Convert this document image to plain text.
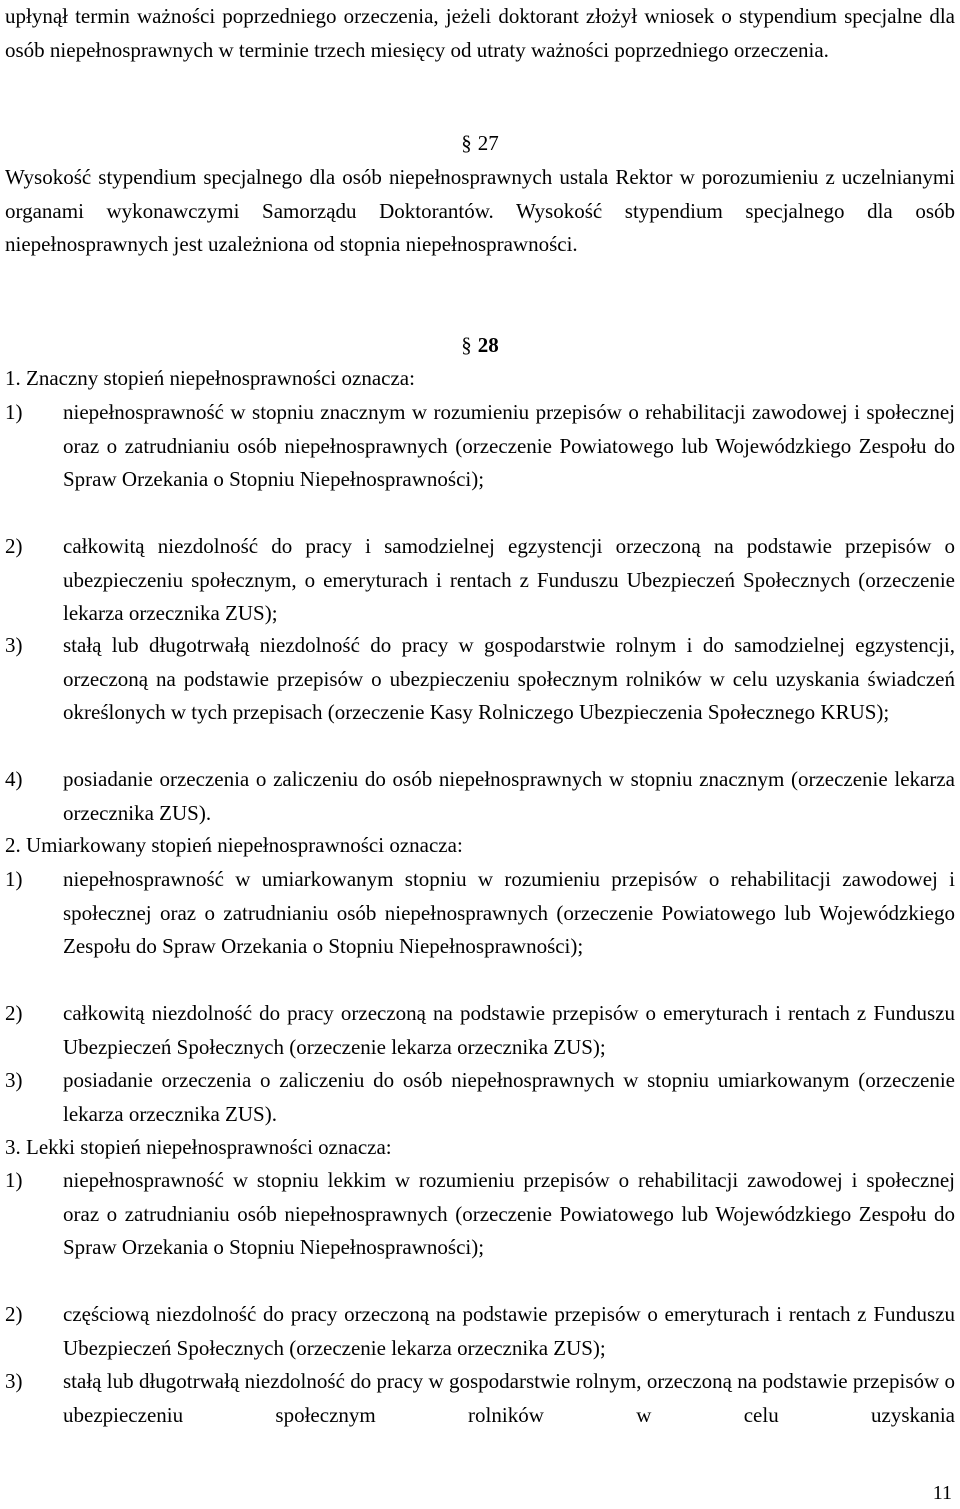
upłynął termin ważności poprzedniego orzeczenia, jeżeli doktorant złożył wniosek o stypendium specjalne dla osób niepełnosprawnych w terminie trzech miesięcy od utraty ważności poprzedniego orzeczenia.

§ 27

Wysokość stypendium specjalnego dla osób niepełnosprawnych ustala Rektor w porozumieniu z uczelnianymi organami wykonawczymi Samorządu Doktorantów. Wysokość stypendium specjalnego dla osób niepełnosprawnych jest uzależniona od stopnia niepełnosprawności.

§ 28

1. Znaczny stopień niepełnosprawności oznacza:
1) niepełnosprawność w stopniu znacznym w rozumieniu przepisów o rehabilitacji zawodowej i społecznej oraz o zatrudnianiu osób niepełnosprawnych (orzeczenie Powiatowego lub Wojewódzkiego Zespołu do Spraw Orzekania o Stopniu Niepełnosprawności);

2) całkowitą niezdolność do pracy i samodzielnej egzystencji orzeczoną na podstawie przepisów o ubezpieczeniu społecznym, o emeryturach i rentach z Funduszu Ubezpieczeń Społecznych (orzeczenie lekarza orzecznika ZUS);

3) stałą lub długotrwałą niezdolność do pracy w gospodarstwie rolnym i do samodzielnej egzystencji, orzeczoną na podstawie przepisów o ubezpieczeniu społecznym rolników w celu uzyskania świadczeń określonych w tych przepisach (orzeczenie Kasy Rolniczego Ubezpieczenia Społecznego KRUS);

4) posiadanie orzeczenia o zaliczeniu do osób niepełnosprawnych w stopniu znacznym (orzeczenie lekarza orzecznika ZUS).

2. Umiarkowany stopień niepełnosprawności oznacza:
1) niepełnosprawność w umiarkowanym stopniu w rozumieniu przepisów o rehabilitacji zawodowej i społecznej oraz o zatrudnianiu osób niepełnosprawnych (orzeczenie Powiatowego lub Wojewódzkiego Zespołu do Spraw Orzekania o Stopniu Niepełnosprawności);

2) całkowitą niezdolność do pracy orzeczoną na podstawie przepisów o emeryturach i rentach z Funduszu Ubezpieczeń Społecznych (orzeczenie lekarza orzecznika ZUS);

3) posiadanie orzeczenia o zaliczeniu do osób niepełnosprawnych w stopniu umiarkowanym (orzeczenie lekarza orzecznika ZUS).

3. Lekki stopień niepełnosprawności oznacza:
1) niepełnosprawność w stopniu lekkim w rozumieniu przepisów o rehabilitacji zawodowej i społecznej oraz o zatrudnianiu osób niepełnosprawnych (orzeczenie Powiatowego lub Wojewódzkiego Zespołu do Spraw Orzekania o Stopniu Niepełnosprawności);

2) częściową niezdolność do pracy orzeczoną na podstawie przepisów o emeryturach i rentach z Funduszu Ubezpieczeń Społecznych (orzeczenie lekarza orzecznika ZUS);

3) stałą lub długotrwałą niezdolność do pracy w gospodarstwie rolnym, orzeczoną na podstawie przepisów o ubezpieczeniu społecznym rolników w celu uzyskania

11
